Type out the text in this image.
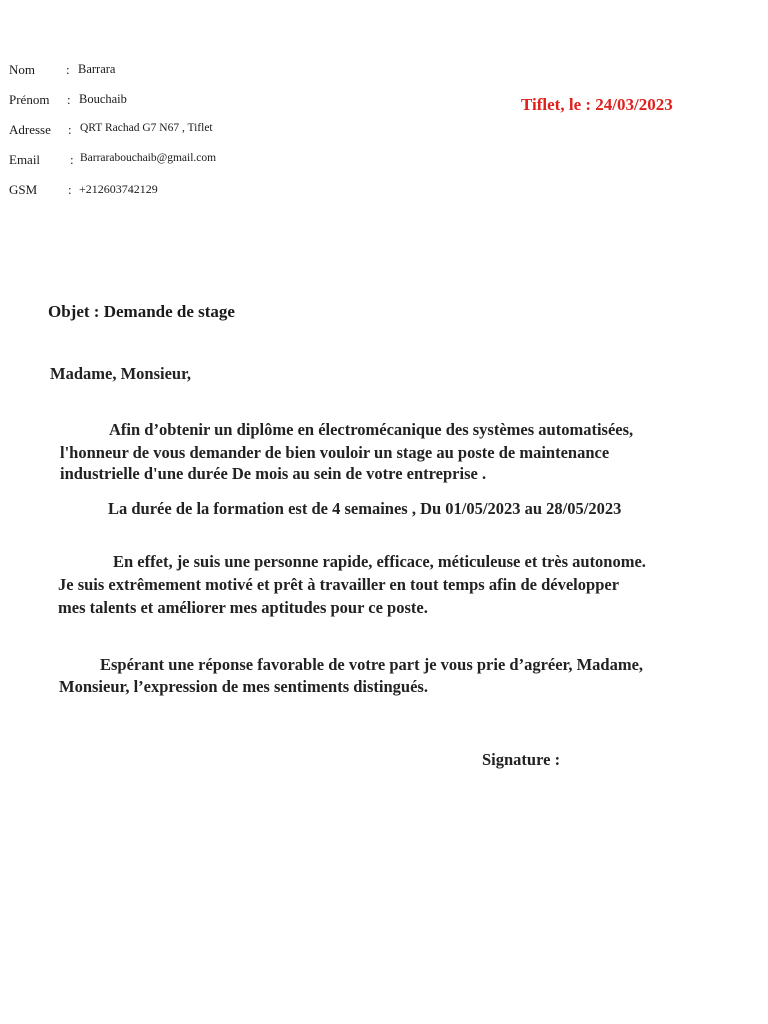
Nom : Barrara
Prénom : Bouchaib
Adresse : QRT Rachad G7 N67 , Tiflet
Email : Barrarabouchaib@gmail.com
GSM : +212603742129
Tiflet, le : 24/03/2023
Objet : Demande de stage
Madame, Monsieur,
Afin d’obtenir un diplôme en électromécanique des systèmes automatisées,
l'honneur de vous demander de bien vouloir un stage au poste de maintenance
industrielle d'une durée De mois au sein de votre entreprise .
La durée de la formation est de 4 semaines , Du 01/05/2023 au 28/05/2023
En effet, je suis une personne rapide, efficace, méticuleuse et très autonome.
Je suis extrêmement motivé et prêt à travailler en tout temps afin de développer
mes talents et améliorer mes aptitudes pour ce poste.
Espérant une réponse favorable de votre part je vous prie d’agréer, Madame,
Monsieur, l’expression de mes sentiments distingués.
Signature :
